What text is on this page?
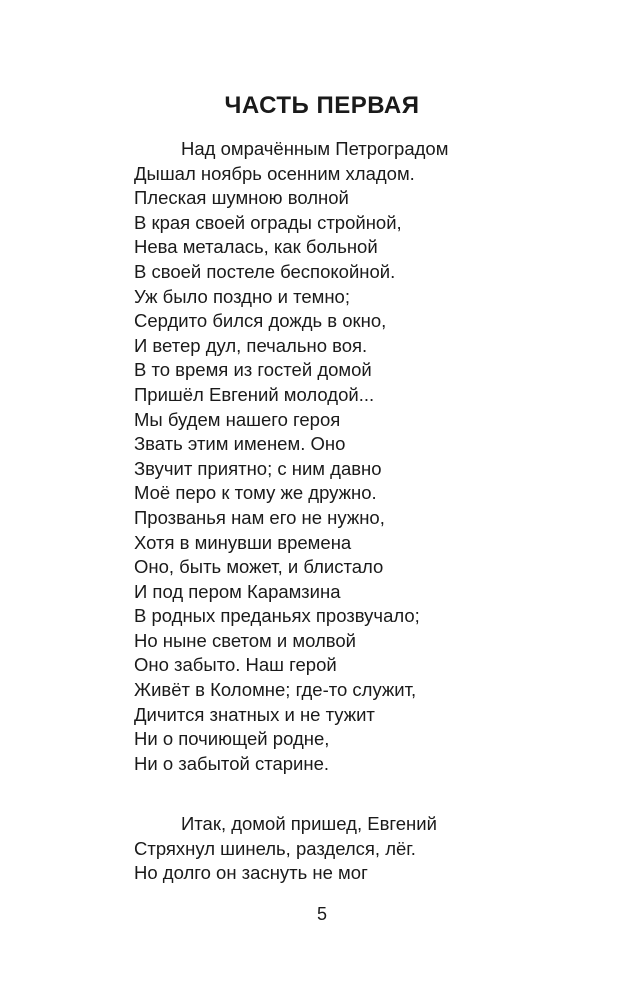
ЧАСТЬ ПЕРВАЯ
Над омрачённым Петроградом
Дышал ноябрь осенним хладом.
Плеская шумною волной
В края своей ограды стройной,
Нева металась, как больной
В своей постеле беспокойной.
Уж было поздно и темно;
Сердито бился дождь в окно,
И ветер дул, печально воя.
В то время из гостей домой
Пришёл Евгений молодой...
Мы будем нашего героя
Звать этим именем. Оно
Звучит приятно; с ним давно
Моё перо к тому же дружно.
Прозванья нам его не нужно,
Хотя в минувши времена
Оно, быть может, и блистало
И под пером Карамзина
В родных преданьях прозвучало;
Но ныне светом и молвой
Оно забыто. Наш герой
Живёт в Коломне; где-то служит,
Дичится знатных и не тужит
Ни о почиющей родне,
Ни о забытой старине.
Итак, домой пришед, Евгений
Стряхнул шинель, разделся, лёг.
Но долго он заснуть не мог
5
